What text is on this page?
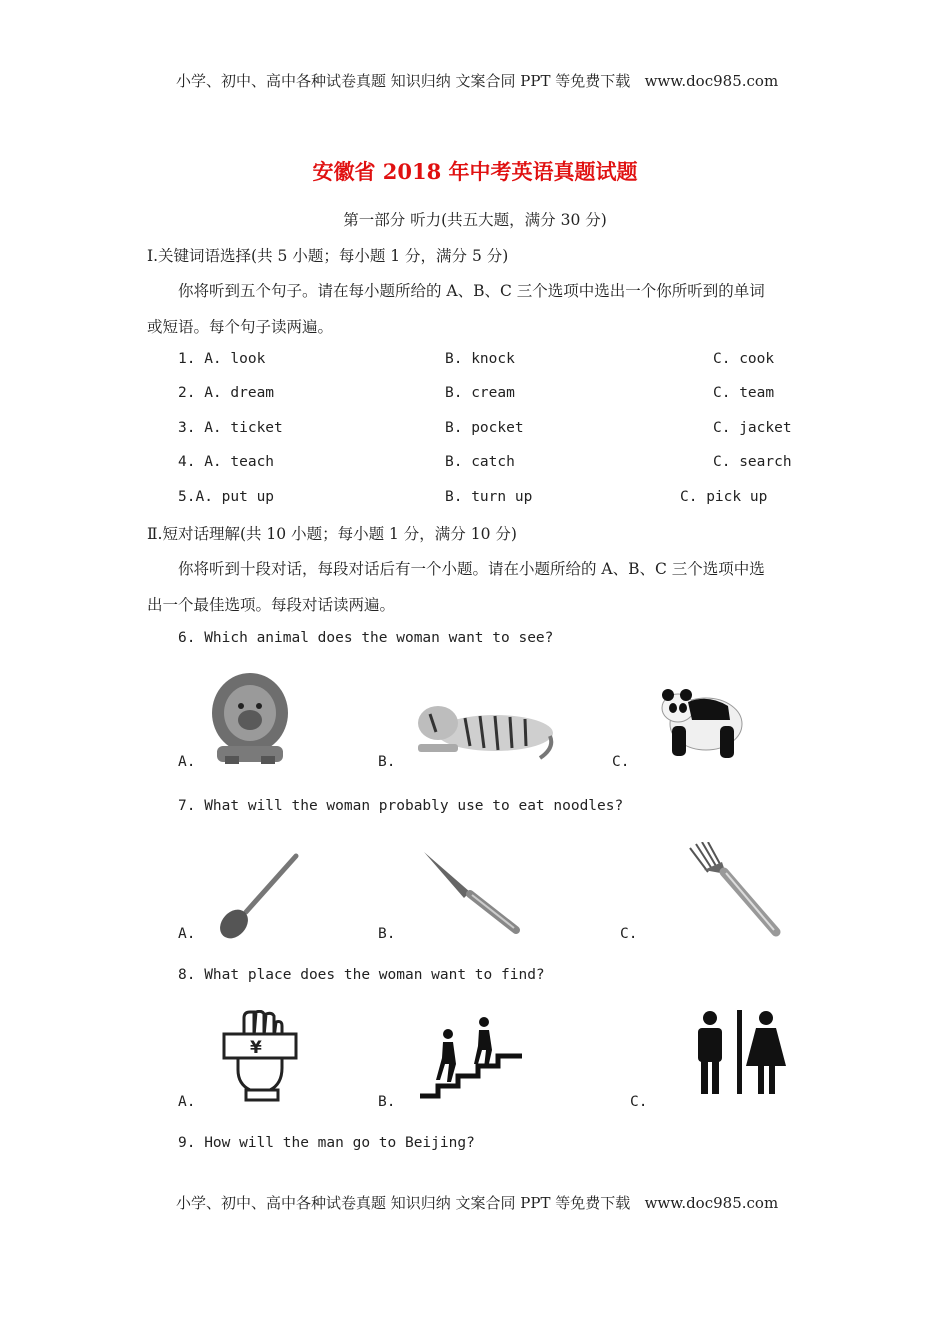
小学、初中、高中各种试卷真题 知识归纳 文案合同 PPT 等免费下载 www.doc985.com
安徽省 2018 年中考英语真题试题
第一部分 听力(共五大题，满分 30 分)
Ⅰ.关键词语选择(共 5 小题；每小题 1 分，满分 5 分)
你将听到五个句子。请在每小题所给的 A、B、C 三个选项中选出一个你所听到的单词
或短语。每个句子读两遍。
1. A. look	B. knock	C. cook
2. A. dream	B. cream	C. team
3. A. ticket	B. pocket	C. jacket
4. A. teach	B. catch	C. search
5.A. put up	B. turn up	C. pick up
Ⅱ.短对话理解(共 10 小题；每小题 1 分，满分 10 分)
你将听到十段对话，每段对话后有一个小题。请在小题所给的 A、B、C 三个选项中选
出一个最佳选项。每段对话读两遍。
6. Which animal does the woman want to see?
A.	B.	C.
7. What will the woman probably use to eat noodles?
A.	B.	C.
8. What place does the woman want to find?
¥
A.	B.	C.
9. How will the man go to Beijing?
小学、初中、高中各种试卷真题 知识归纳 文案合同 PPT 等免费下载 www.doc985.com
